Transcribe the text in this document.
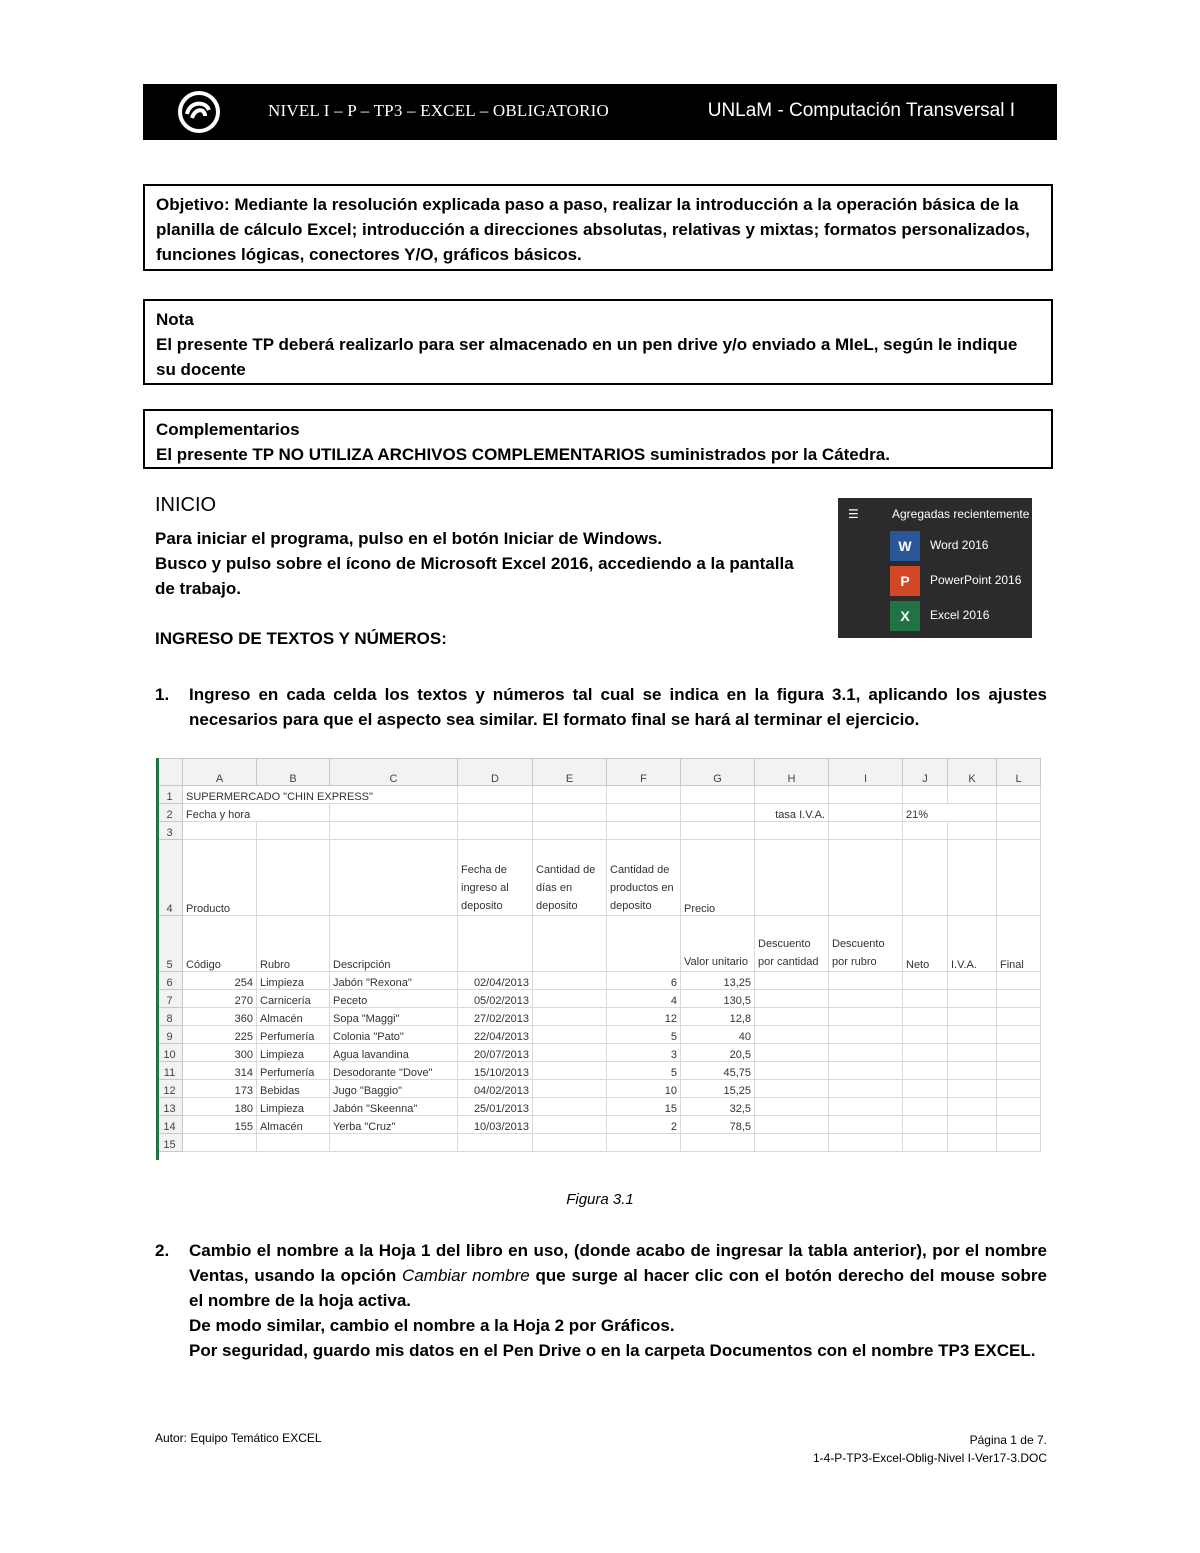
NIVEL I – P – TP3 – EXCEL – OBLIGATORIO	UNLaM - Computación Transversal I
Objetivo: Mediante la resolución explicada paso a paso, realizar la introducción a la operación básica de la planilla de cálculo Excel; introducción a direcciones absolutas, relativas y mixtas; formatos personalizados, funciones lógicas, conectores Y/O, gráficos básicos.
Nota
El presente TP deberá realizarlo para ser almacenado en un pen drive y/o enviado a MIeL, según le indique su docente
Complementarios
El presente TP NO UTILIZA ARCHIVOS COMPLEMENTARIOS suministrados por la Cátedra.
INICIO
Para iniciar el programa, pulso en el botón Iniciar de Windows.
Busco y pulso sobre el ícono de Microsoft Excel 2016, accediendo a la pantalla de trabajo.
☰	Agregadas recientemente
W	Word 2016
P	PowerPoint 2016
X	Excel 2016
INGRESO DE TEXTOS Y NÚMEROS:
1. Ingreso en cada celda los textos y números tal cual se indica en la figura 3.1, aplicando los ajustes necesarios para que el aspecto sea similar. El formato final se hará al terminar el ejercicio.
	A	B	C	D	E	F	G	H	I	J	K	L
1	SUPERMERCADO "CHIN EXPRESS"											
2	Fecha y hora							tasa I.V.A.		21%		
3												
4	Producto			Fecha de ingreso al deposito	Cantidad de días en deposito	Cantidad de productos en deposito	Precio					
5	Código	Rubro	Descripción				Valor unitario	Descuento por cantidad	Descuento por rubro	Neto	I.V.A.	Final
6	254	Limpieza	Jabón "Rexona"	02/04/2013		6	13,25					
7	270	Carnicería	Peceto	05/02/2013		4	130,5					
8	360	Almacén	Sopa "Maggi"	27/02/2013		12	12,8					
9	225	Perfumería	Colonia "Pato"	22/04/2013		5	40					
10	300	Limpieza	Agua lavandina	20/07/2013		3	20,5					
11	314	Perfumería	Desodorante "Dove"	15/10/2013		5	45,75					
12	173	Bebidas	Jugo "Baggio"	04/02/2013		10	15,25					
13	180	Limpieza	Jabón "Skeenna"	25/01/2013		15	32,5					
14	155	Almacén	Yerba "Cruz"	10/03/2013		2	78,5					
15												
Figura 3.1
2. Cambio el nombre a la Hoja 1 del libro en uso, (donde acabo de ingresar la tabla anterior), por el nombre Ventas, usando la opción Cambiar nombre que surge al hacer clic con el botón derecho del mouse sobre el nombre de la hoja activa.
De modo similar, cambio el nombre a la Hoja 2 por Gráficos.
Por seguridad, guardo mis datos en el Pen Drive o en la carpeta Documentos con el nombre TP3 EXCEL.
Autor: Equipo Temático EXCEL	Página 1 de 7.
1-4-P-TP3-Excel-Oblig-Nivel I-Ver17-3.DOC
